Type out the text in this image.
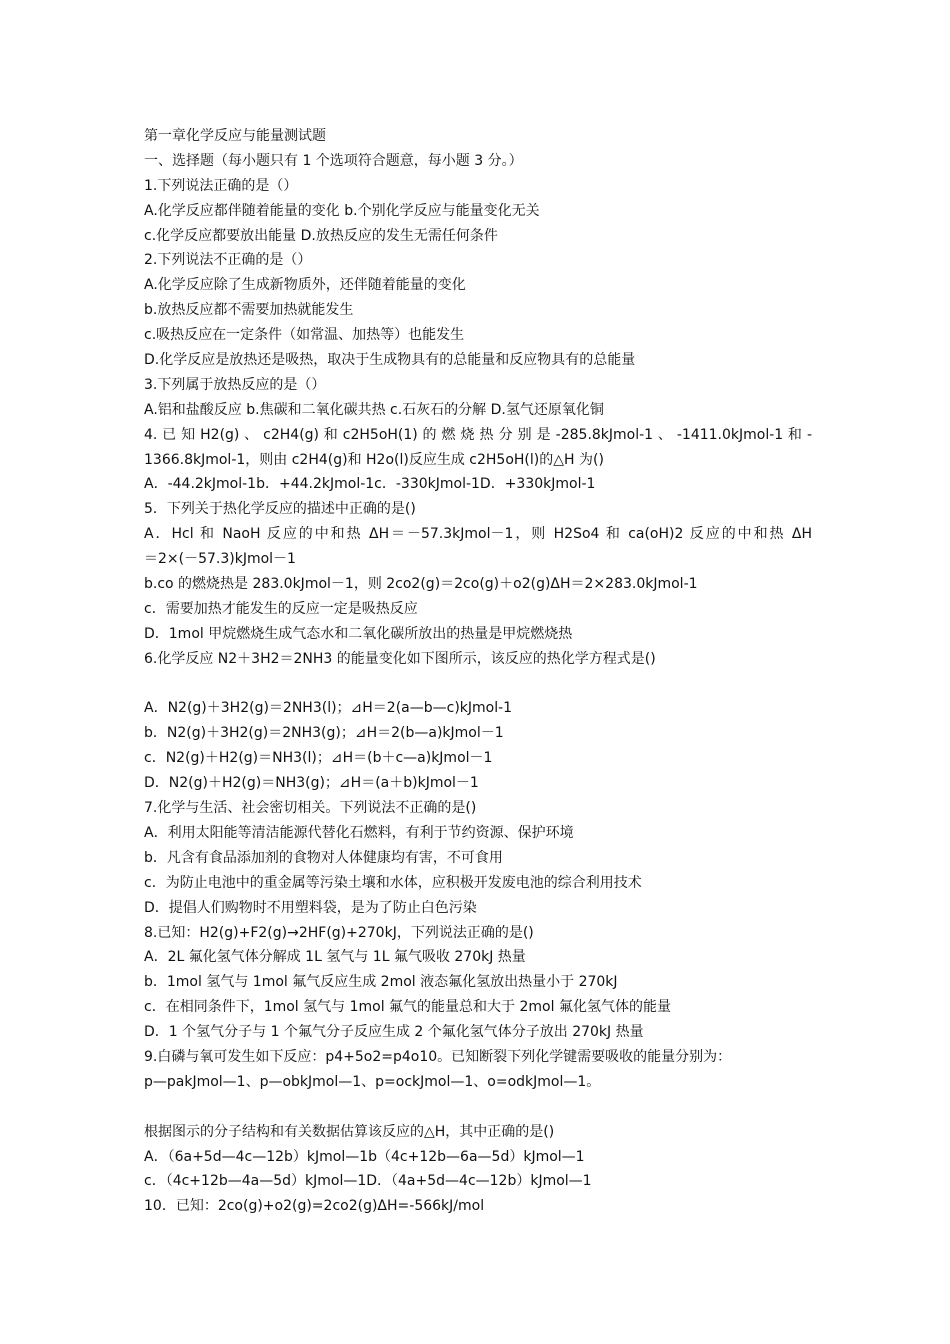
第一章化学反应与能量测试题
一、选择题（每小题只有 1 个选项符合题意，每小题 3 分。）
1.下列说法正确的是（）
A.化学反应都伴随着能量的变化 b.个别化学反应与能量变化无关
c.化学反应都要放出能量 D.放热反应的发生无需任何条件
2.下列说法不正确的是（）
A.化学反应除了生成新物质外，还伴随着能量的变化
b.放热反应都不需要加热就能发生
c.吸热反应在一定条件（如常温、加热等）也能发生
D.化学反应是放热还是吸热，取决于生成物具有的总能量和反应物具有的总能量
3.下列属于放热反应的是（）
A.铝和盐酸反应 b.焦碳和二氧化碳共热 c.石灰石的分解 D.氢气还原氧化铜
4. 已 知 H2(g) 、 c2H4(g) 和 c2H5oH(1) 的 燃 烧 热 分 别 是 -285.8kJmol-1 、 -1411.0kJmol-1 和 -
1366.8kJmol-1，则由 c2H4(g)和 H2o(l)反应生成 c2H5oH(l)的△H 为()
A．-44.2kJmol-1b．+44.2kJmol-1c．-330kJmol-1D．+330kJmol-1
5．下列关于热化学反应的描述中正确的是()
A．Hcl 和 NaoH 反应的中和热 ΔH＝－57.3kJmol－1，则 H2So4 和 ca(oH)2 反应的中和热 ΔH
＝2×(－57.3)kJmol－1
b.co 的燃烧热是 283.0kJmol－1，则 2co2(g)＝2co(g)＋o2(g)ΔH＝2×283.0kJmol-1
c．需要加热才能发生的反应一定是吸热反应
D．1mol 甲烷燃烧生成气态水和二氧化碳所放出的热量是甲烷燃烧热
6.化学反应 N2＋3H2＝2NH3 的能量变化如下图所示，该反应的热化学方程式是()
A．N2(g)＋3H2(g)＝2NH3(l)；⊿H＝2(a—b—c)kJmol-1
b．N2(g)＋3H2(g)＝2NH3(g)；⊿H＝2(b—a)kJmol－1
c．N2(g)＋H2(g)＝NH3(l)；⊿H＝(b＋c—a)kJmol－1
D．N2(g)＋H2(g)＝NH3(g)；⊿H＝(a＋b)kJmol－1
7.化学与生活、社会密切相关。下列说法不正确的是()
A．利用太阳能等清洁能源代替化石燃料，有利于节约资源、保护环境
b．凡含有食品添加剂的食物对人体健康均有害，不可食用
c．为防止电池中的重金属等污染土壤和水体，应积极开发废电池的综合利用技术
D．提倡人们购物时不用塑料袋，是为了防止白色污染
8.已知：H2(g)+F2(g)→2HF(g)+270kJ，下列说法正确的是()
A．2L 氟化氢气体分解成 1L 氢气与 1L 氟气吸收 270kJ 热量
b．1mol 氢气与 1mol 氟气反应生成 2mol 液态氟化氢放出热量小于 270kJ
c．在相同条件下，1mol 氢气与 1mol 氟气的能量总和大于 2mol 氟化氢气体的能量
D．1 个氢气分子与 1 个氟气分子反应生成 2 个氟化氢气体分子放出 270kJ 热量
9.白磷与氧可发生如下反应：p4+5o2=p4o10。已知断裂下列化学键需要吸收的能量分别为：
p—pakJmol—1、p—obkJmol—1、p=ockJmol—1、o=odkJmol—1。
根据图示的分子结构和有关数据估算该反应的△H，其中正确的是()
A．（6a+5d—4c—12b）kJmol—1b（4c+12b—6a—5d）kJmol—1
c．（4c+12b—4a—5d）kJmol—1D．（4a+5d—4c—12b）kJmol—1
10．已知：2co(g)+o2(g)=2co2(g)ΔH=-566kJ/mol
